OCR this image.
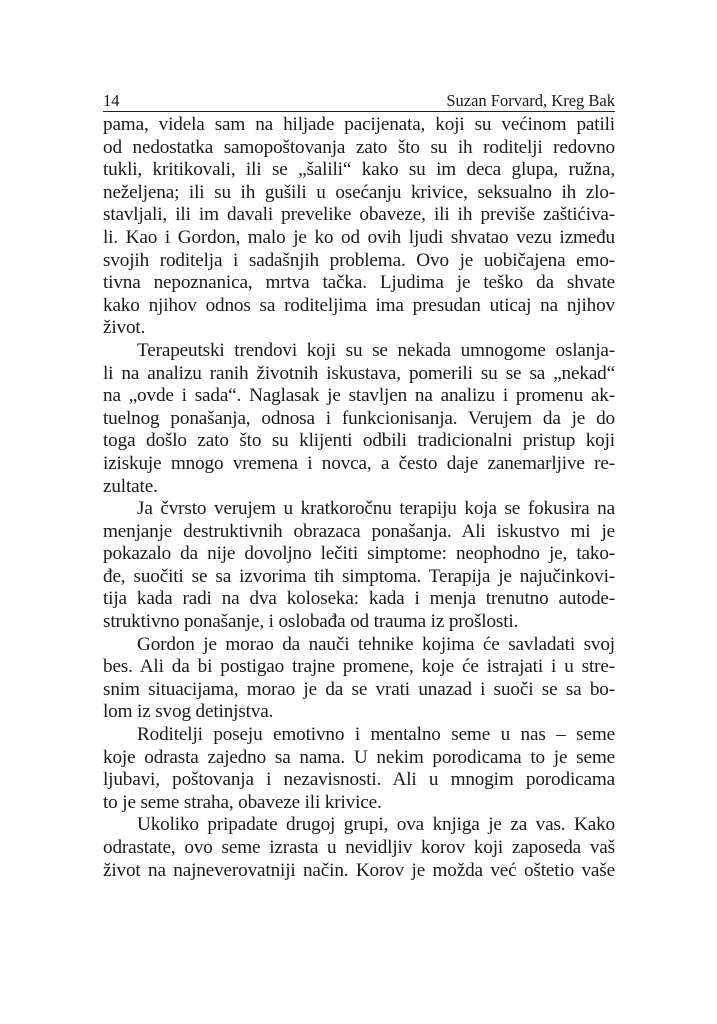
14	Suzan Forvard, Kreg Bak

pama, videla sam na hiljade pacijenata, koji su većinom patili
od nedostatka samopoštovanja zato što su ih roditelji redovno
tukli, kritikovali, ili se „šalili“ kako su im deca glupa, ružna,
neželjena; ili su ih gušili u osećanju krivice, seksualno ih zlo-
stavljali, ili im davali prevelike obaveze, ili ih previše zaštićiva-
li. Kao i Gordon, malo je ko od ovih ljudi shvatao vezu između
svojih roditelja i sadašnjih problema. Ovo je uobičajena emo-
tivna nepoznanica, mrtva tačka. Ljudima je teško da shvate
kako njihov odnos sa roditeljima ima presudan uticaj na njihov
život.

Terapeutski trendovi koji su se nekada umnogome oslanja-
li na analizu ranih životnih iskustava, pomerili su se sa „nekad“
na „ovde i sada“. Naglasak je stavljen na analizu i promenu ak-
tuelnog ponašanja, odnosa i funkcionisanja. Verujem da je do
toga došlo zato što su klijenti odbili tradicionalni pristup koji
iziskuje mnogo vremena i novca, a često daje zanemarljive re-
zultate.

Ja čvrsto verujem u kratkoročnu terapiju koja se fokusira na
menjanje destruktivnih obrazaca ponašanja. Ali iskustvo mi je
pokazalo da nije dovoljno lečiti simptome: neophodno je, tako-
đe, suočiti se sa izvorima tih simptoma. Terapija je najučinkovi-
tija kada radi na dva koloseka: kada i menja trenutno autode-
struktivno ponašanje, i oslobađa od trauma iz prošlosti.

Gordon je morao da nauči tehnike kojima će savladati svoj
bes. Ali da bi postigao trajne promene, koje će istrajati i u stre-
snim situacijama, morao je da se vrati unazad i suoči se sa bo-
lom iz svog detinjstva.

Roditelji poseju emotivno i mentalno seme u nas – seme
koje odrasta zajedno sa nama. U nekim porodicama to je seme
ljubavi, poštovanja i nezavisnosti. Ali u mnogim porodicama
to je seme straha, obaveze ili krivice.

Ukoliko pripadate drugoj grupi, ova knjiga je za vas. Kako
odrastate, ovo seme izrasta u nevidljiv korov koji zaposeda vaš
život na najneverovatniji način. Korov je možda već oštetio vaše
